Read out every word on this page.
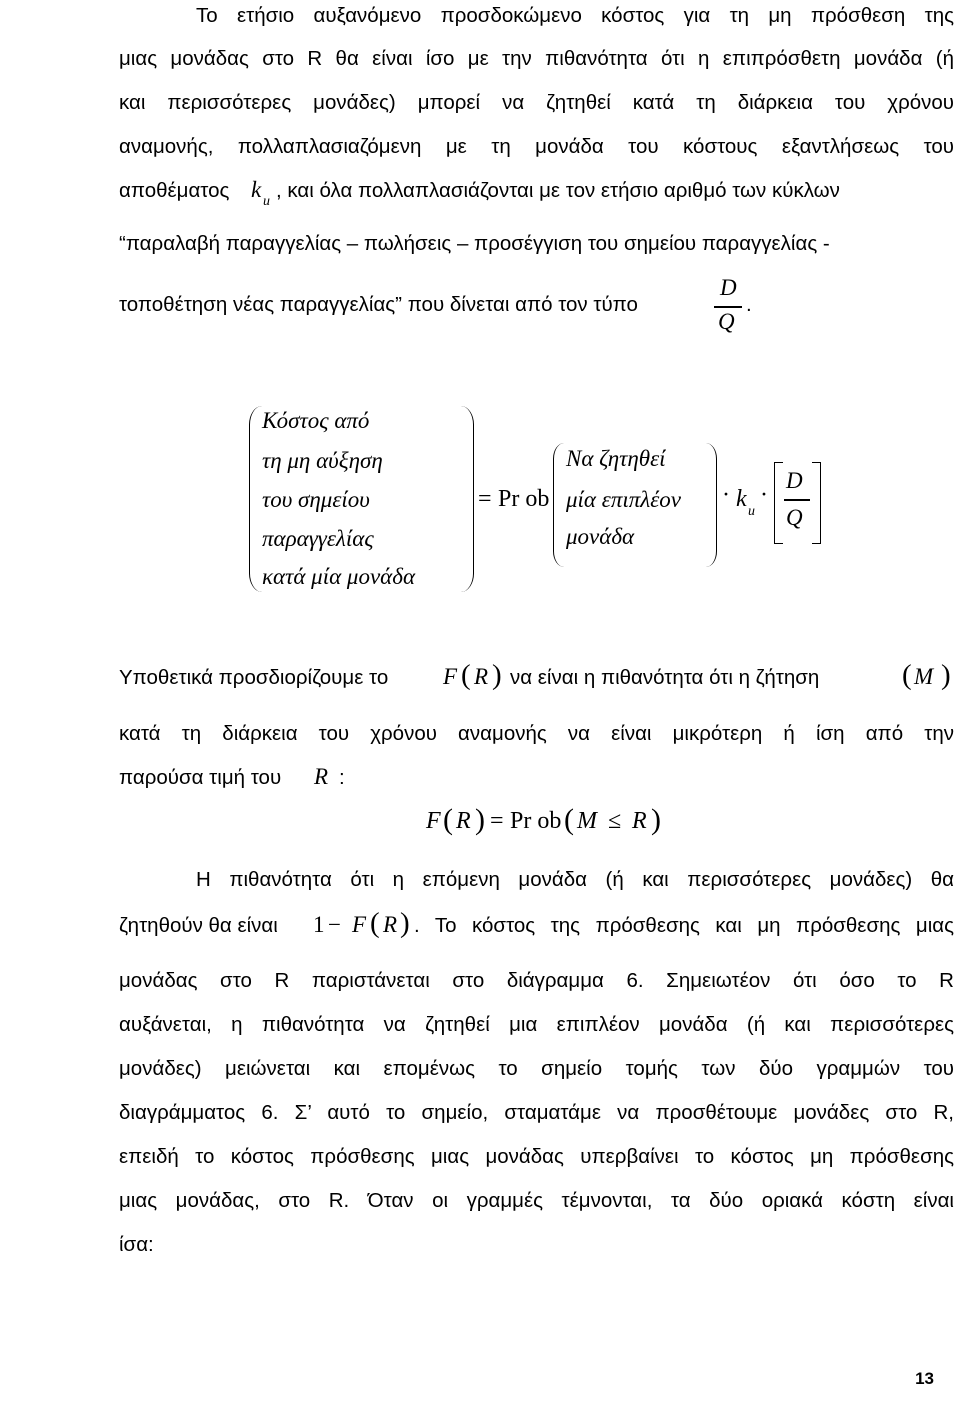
Το ετήσιο αυξανόμενο προσδοκώμενο κόστος για τη μη πρόσθεση της
μιας μονάδας στο R θα είναι ίσο με την πιθανότητα ότι η επιπρόσθετη μονάδα (ή
και περισσότερες μονάδες) μπορεί να ζητηθεί κατά τη διάρκεια του χρόνου
αναμονής, πολλαπλασιαζόμενη με τη μονάδα του κόστους εξαντλήσεως του
αποθέματος k u , και όλα πολλαπλασιάζονται με τον ετήσιο αριθμό των κύκλων
“παραλαβή παραγγελίας – πωλήσεις – προσέγγιση του σημείου παραγγελίας -
τοποθέτηση νέας παραγγελίας” που δίνεται από τον τύπο
D
Q
.
Κόστος από
τη μη αύξηση
του σημείου
παραγγελίας
κατά μία μονάδα
= Pr ob
Να ζητηθεί
μία επιπλέον
μονάδα
· k u
·
D
Q
Υποθετικά προσδιορίζουμε το F ( R ) να είναι η πιθανότητα ότι η ζήτηση	( M )
κατά τη διάρκεια του χρόνου αναμονής να είναι μικρότερη ή ίση από την
παρούσα τιμή του R :
F ( R ) = Pr ob ( M ≤ R )
Η πιθανότητα ότι η επόμενη μονάδα (ή και περισσότερες μονάδες) θα
ζητηθούν θα είναι 1 − F ( R ) . Το κόστος της πρόσθεσης και μη πρόσθεσης μιας
μονάδας στο R παριστάνεται στο διάγραμμα 6. Σημειωτέον ότι όσο το R
αυξάνεται, η πιθανότητα να ζητηθεί μια επιπλέον μονάδα (ή και περισσότερες
μονάδες) μειώνεται και επομένως το σημείο τομής των δύο γραμμών του
διαγράμματος 6. Σ’ αυτό το σημείο, σταματάμε να προσθέτουμε μονάδες στο R,
επειδή το κόστος πρόσθεσης μιας μονάδας υπερβαίνει το κόστος μη πρόσθεσης
μιας μονάδας, στο R. Όταν οι γραμμές τέμνονται, τα δύο οριακά κόστη είναι
ίσα:
13
